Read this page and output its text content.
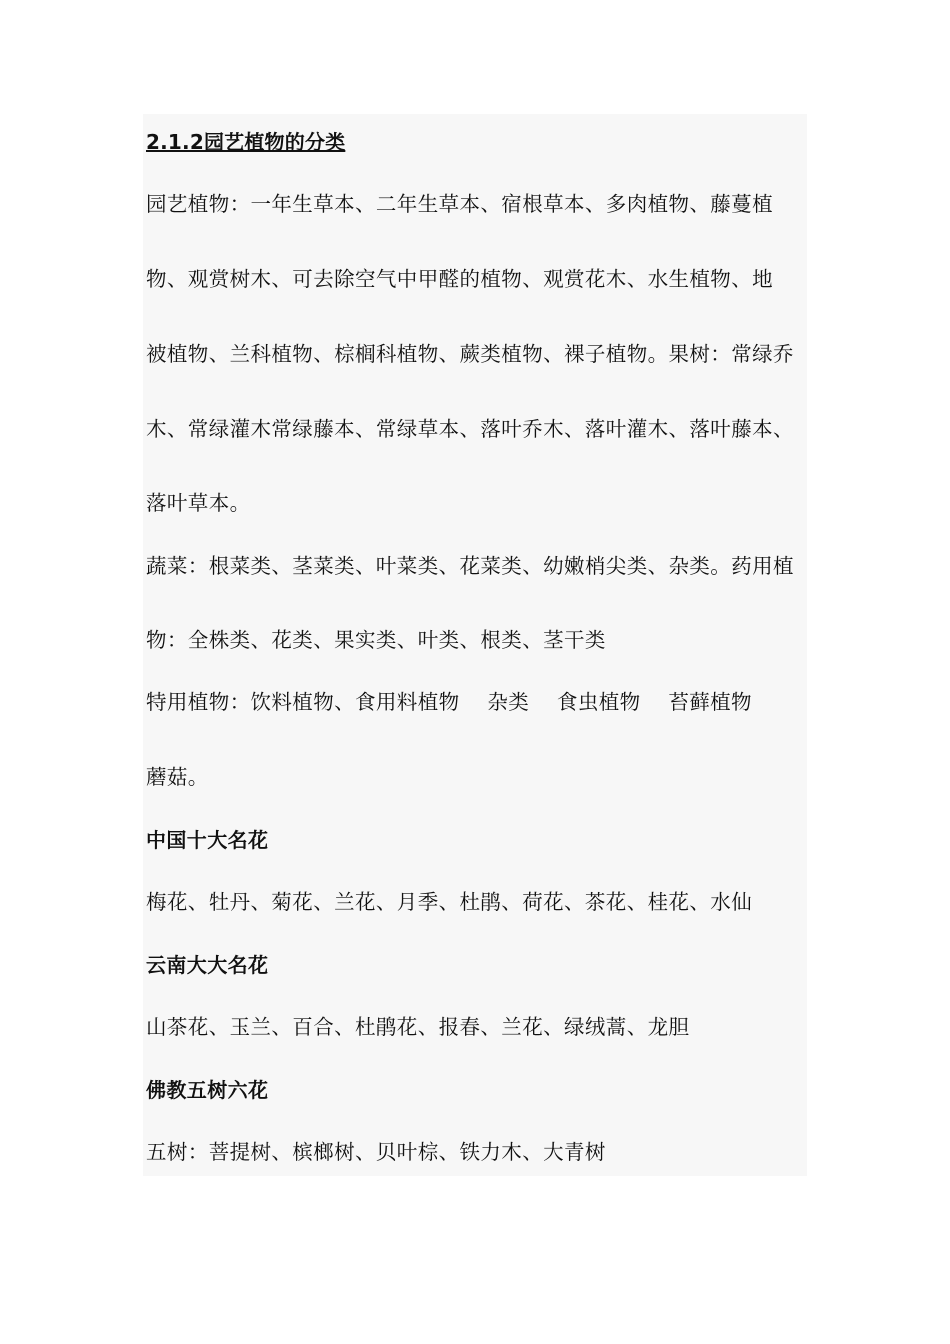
2.1.2园艺植物的分类
园艺植物：一年生草本、二年生草本、宿根草本、多肉植物、藤蔓植
物、观赏树木、可去除空气中甲醛的植物、观赏花木、水生植物、地
被植物、兰科植物、棕榈科植物、蕨类植物、裸子植物。果树：常绿乔
木、常绿灌木常绿藤本、常绿草本、落叶乔木、落叶灌木、落叶藤本、
落叶草本。
蔬菜：根菜类、茎菜类、叶菜类、花菜类、幼嫩梢尖类、杂类。药用植
物：全株类、花类、果实类、叶类、根类、茎干类
特用植物：饮料植物、食用料植物　 杂类　 食虫植物　 苔藓植物
蘑菇。
中国十大名花
梅花、牡丹、菊花、兰花、月季、杜鹃、荷花、茶花、桂花、水仙
云南大大名花
山茶花、玉兰、百合、杜鹃花、报春、兰花、绿绒蒿、龙胆
佛教五树六花
五树：菩提树、槟榔树、贝叶棕、铁力木、大青树
